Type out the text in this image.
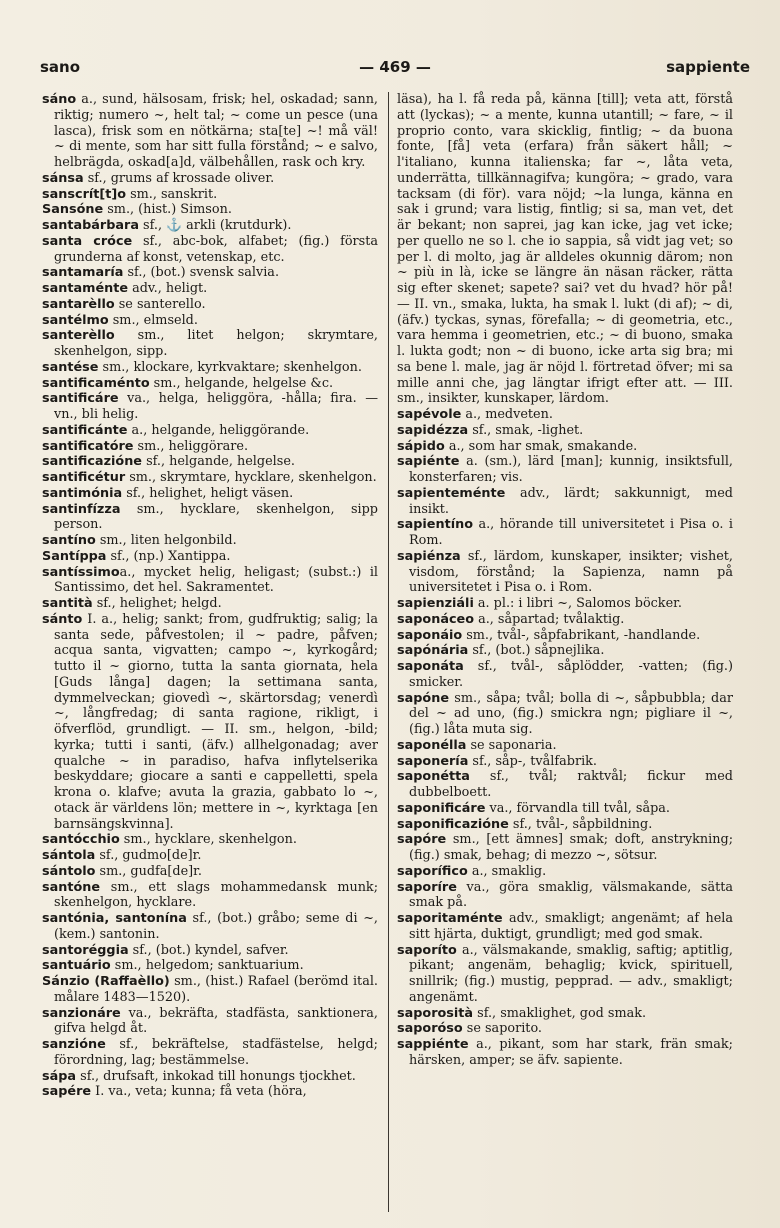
sano	— 469 —	sappiente

sáno a., sund, hälsosam, frisk; hel, oskadad; sann, riktig; numero ~, helt tal; ~ come un pesce (una lasca), frisk som en nötkärna; sta[te] ~! må väl! ~ di mente, som har sitt fulla förstånd; ~ e salvo, helbrägda, oskad[a]d, välbehållen, rask och kry.

sánsa sf., grums af krossade oliver.

sanscrít[t]o sm., sanskrit.

Sansóne sm., (hist.) Simson.

santabárbara sf., ⚓ arkli (krutdurk).

santa cróce sf., abc-bok, alfabet; (fig.) första grunderna af konst, vetenskap, etc.

santamaría sf., (bot.) svensk salvia.

santaménte adv., heligt.

santarèllo se santerello.

santélmo sm., elmseld.

santerèllo sm., litet helgon; skrymtare, skenhelgon, sipp.

santése sm., klockare, kyrkvaktare; skenhelgon.

santificaménto sm., helgande, helgelse &c.

santificáre va., helga, heliggöra, -hålla; fira. — vn., bli helig.

santificánte a., helgande, heliggörande.

santificatóre sm., heliggörare.

santificazióne sf., helgande, helgelse.

santificétur sm., skrymtare, hycklare, skenhelgon.

santimónia sf., helighet, heligt väsen.

santinfízza sm., hycklare, skenhelgon, sipp person.

santíno sm., liten helgonbild.

Santíppa sf., (np.) Xantippa.

santíssimoa., mycket helig, heligast; (subst.:) il Santissimo, det hel. Sakramentet.

santità sf., helighet; helgd.

sánto I. a., helig; sankt; from, gudfruktig; salig; la santa sede, påfvestolen; il ~ padre, påfven; acqua santa, vigvatten; campo ~, kyrkogård; tutto il ~ giorno, tutta la santa giornata, hela [Guds långa] dagen; la settimana santa, dymmelveckan; giovedì ~, skärtorsdag; venerdì ~, långfredag; di santa ragione, rikligt, i öfverflöd, grundligt. — II. sm., helgon, -bild; kyrka; tutti i santi, (äfv.) allhelgonadag; aver qualche ~ in paradiso, hafva inflytelserika beskyddare; giocare a santi e cappelletti, spela krona o. klafve; avuta la grazia, gabbato lo ~, otack är världens lön; mettere in ~, kyrktaga [en barnsängskvinna].

santócchio sm., hycklare, skenhelgon.

sántola sf., gudmo[de]r.

sántolo sm., gudfa[de]r.

santóne sm., ett slags mohammedansk munk; skenhelgon, hycklare.

santónia, santonína sf., (bot.) gråbo; seme di ~, (kem.) santonin.

santoréggia sf., (bot.) kyndel, safver.

santuário sm., helgedom; sanktuarium.

Sánzio (Raffaèllo) sm., (hist.) Rafael (berömd ital. målare 1483—1520).

sanzionáre va., bekräfta, stadfästa, sanktionera, gifva helgd åt.

sanzióne sf., bekräftelse, stadfästelse, helgd; förordning, lag; bestämmelse.

sápa sf., drufsaft, inkokad till honungs tjockhet.

sapére I. va., veta; kunna; få veta (höra,

läsa), ha l. få reda på, känna [till]; veta att, förstå att (lyckas); ~ a mente, kunna utantill; ~ fare, ~ il proprio conto, vara skicklig, fintlig; ~ da buona fonte, [få] veta (erfara) från säkert håll; ~ l'italiano, kunna italienska; far ~, låta veta, underrätta, tillkännagifva; kungöra; ~ grado, vara tacksam (di för). vara nöjd; ~la lunga, känna en sak i grund; vara listig, fintlig; si sa, man vet, det är bekant; non saprei, jag kan icke, jag vet icke; per quello ne so l. che io sappia, så vidt jag vet; so per l. di molto, jag är alldeles okunnig därom; non ~ più in là, icke se längre än näsan räcker, rätta sig efter skenet; sapete? sai? vet du hvad? hör på! — II. vn., smaka, lukta, ha smak l. lukt (di af); ~ di, (äfv.) tyckas, synas, förefalla; ~ di geometria, etc., vara hemma i geometrien, etc.; ~ di buono, smaka l. lukta godt; non ~ di buono, icke arta sig bra; mi sa bene l. male, jag är nöjd l. förtretad öfver; mi sa mille anni che, jag längtar ifrigt efter att. — III. sm., insikter, kunskaper, lärdom.

sapévole a., medveten.

sapidézza sf., smak, -lighet.

sápido a., som har smak, smakande.

sapiénte a. (sm.), lärd [man]; kunnig, insiktsfull, konsterfaren; vis.

sapienteménte adv., lärdt; sakkunnigt, med insikt.

sapientíno a., hörande till universitetet i Pisa o. i Rom.

sapiénza sf., lärdom, kunskaper, insikter; vishet, visdom, förstånd; la Sapienza, namn på universitetet i Pisa o. i Rom.

sapienziáli a. pl.: i libri ~, Salomos böcker.

saponáceo a., såpartad; tvålaktig.

saponáio sm., tvål-, såpfabrikant, -handlande.

sapónária sf., (bot.) såpnejlika.

saponáta sf., tvål-, såplödder, -vatten; (fig.) smicker.

sapóne sm., såpa; tvål; bolla di ~, såpbubbla; dar del ~ ad uno, (fig.) smickra ngn; pigliare il ~, (fig.) låta muta sig.

saponélla se saponaria.

saponería sf., såp-, tvålfabrik.

saponétta sf., tvål; raktvål; fickur med dubbelboett.

saponificáre va., förvandla till tvål, såpa.

saponificazióne sf., tvål-, såpbildning.

sapóre sm., [ett ämnes] smak; doft, anstrykning; (fig.) smak, behag; di mezzo ~, sötsur.

saporífico a., smaklig.

saporíre va., göra smaklig, välsmakande, sätta smak på.

saporitaménte adv., smakligt; angenämt; af hela sitt hjärta, duktigt, grundligt; med god smak.

saporíto a., välsmakande, smaklig, saftig; aptitlig, pikant; angenäm, behaglig; kvick, spirituell, snillrik; (fig.) mustig, pepprad. — adv., smakligt; angenämt.

saporosità sf., smaklighet, god smak.

saporóso se saporito.

sappiénte a., pikant, som har stark, frän smak; härsken, amper; se äfv. sapiente.
